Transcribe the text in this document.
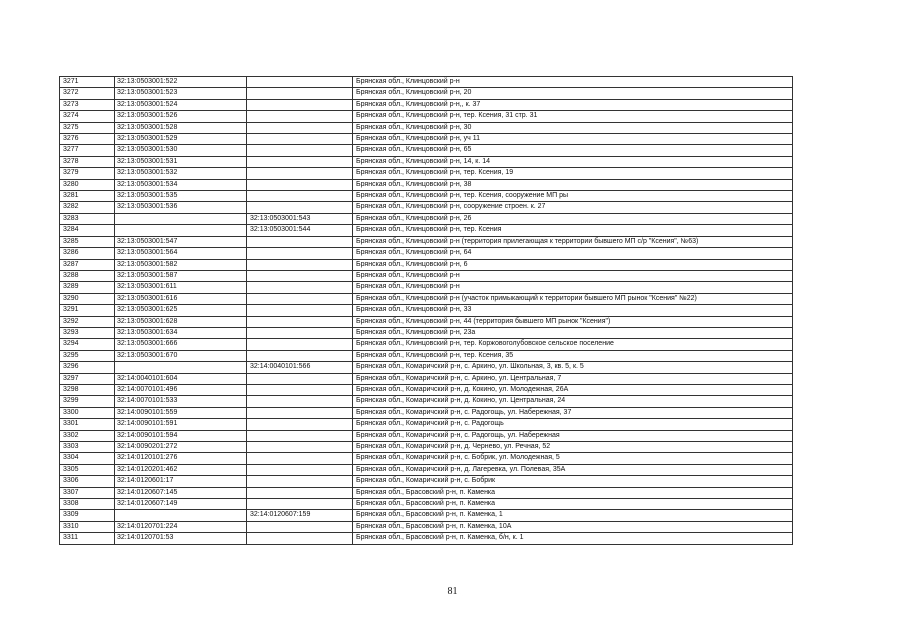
3271	32:13:0503001:522		Брянская обл., Клинцовский р-н
3272	32:13:0503001:523		Брянская обл., Клинцовский р-н, 20
3273	32:13:0503001:524		Брянская обл., Клинцовский р-н,, к. 37
3274	32:13:0503001:526		Брянская обл., Клинцовский р-н, тер. Ксения, 31 стр. 31
3275	32:13:0503001:528		Брянская обл., Клинцовский р-н, 30
3276	32:13:0503001:529		Брянская обл., Клинцовский р-н, уч 11
3277	32:13:0503001:530		Брянская обл., Клинцовский р-н, 65
3278	32:13:0503001:531		Брянская обл., Клинцовский р-н, 14, к. 14
3279	32:13:0503001:532		Брянская обл., Клинцовский р-н, тер. Ксения, 19
3280	32:13:0503001:534		Брянская обл., Клинцовский р-н, 38
3281	32:13:0503001:535		Брянская обл., Клинцовский р-н, тер. Ксения, сооружение МП ры
3282	32:13:0503001:536		Брянская обл., Клинцовский р-н, сооружение строен. к. 27
3283		32:13:0503001:543	Брянская обл., Клинцовский р-н, 26
3284		32:13:0503001:544	Брянская обл., Клинцовский р-н, тер. Ксения
3285	32:13:0503001:547		Брянская обл., Клинцовский р-н (территория прилегающая к территории бывшего МП с/р "Ксения", №63)
3286	32:13:0503001:564		Брянская обл., Клинцовский р-н, 64
3287	32:13:0503001:582		Брянская обл., Клинцовский р-н, 6
3288	32:13:0503001:587		Брянская обл., Клинцовский р-н
3289	32:13:0503001:611		Брянская обл., Клинцовский р-н
3290	32:13:0503001:616		Брянская обл., Клинцовский р-н (участок примыкающий к территории бывшего МП рынок "Ксения" №22)
3291	32:13:0503001:625		Брянская обл., Клинцовский р-н, 33
3292	32:13:0503001:628		Брянская обл., Клинцовский р-н, 44 (территория бывшего МП рынок "Ксения")
3293	32:13:0503001:634		Брянская обл., Клинцовский р-н, 23а
3294	32:13:0503001:666		Брянская обл., Клинцовский р-н, тер. Коржовоголубовское сельское поселение
3295	32:13:0503001:670		Брянская обл., Клинцовский р-н, тер. Ксения, 35
3296		32:14:0040101:566	Брянская обл., Комаричский р-н, с. Аркино, ул. Школьная, 3, кв. 5, к. 5
3297	32:14:0040101:604		Брянская обл., Комаричский р-н, с. Аркино, ул. Центральная, 7
3298	32:14:0070101:496		Брянская обл., Комаричский р-н, д. Кокино, ул. Молодежная, 26А
3299	32:14:0070101:533		Брянская обл., Комаричский р-н, д. Кокино, ул. Центральная, 24
3300	32:14:0090101:559		Брянская обл., Комаричский р-н, с. Радогощь, ул. Набережная, 37
3301	32:14:0090101:591		Брянская обл., Комаричский р-н, с. Радогощь
3302	32:14:0090101:594		Брянская обл., Комаричский р-н, с. Радогощь, ул. Набережная
3303	32:14:0090201:272		Брянская обл., Комаричский р-н, д. Чернево, ул. Речная, 52
3304	32:14:0120101:276		Брянская обл., Комаричский р-н, с. Бобрик, ул. Молодежная, 5
3305	32:14:0120201:462		Брянская обл., Комаричский р-н, д. Лагеревка, ул. Полевая, 35А
3306	32:14:0120601:17		Брянская обл., Комаричский р-н, с. Бобрик
3307	32:14:0120607:145		Брянская обл., Брасовский р-н, п. Каменка
3308	32:14:0120607:149		Брянская обл., Брасовский р-н, п. Каменка
3309		32:14:0120607:159	Брянская обл., Брасовский р-н, п. Каменка, 1
3310	32:14:0120701:224		Брянская обл., Брасовский р-н, п. Каменка, 10А
3311	32:14:0120701:53		Брянская обл., Брасовский р-н, п. Каменка, б/н, к. 1
81
